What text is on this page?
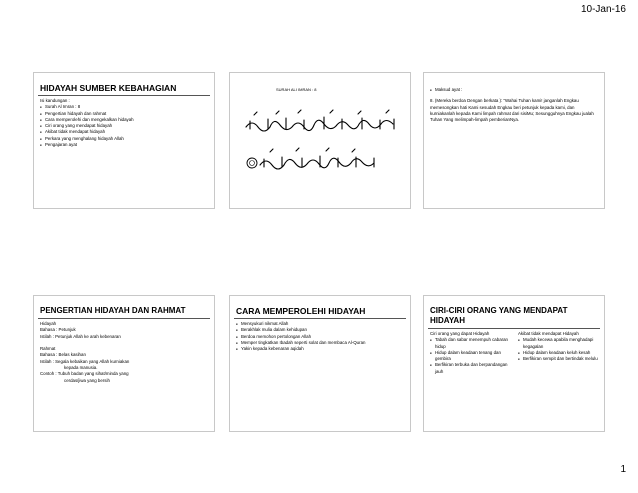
10-Jan-16

HIDAYAH SUMBER KEBAHAGIAN

Isi kandungan :
■ Surah Al Imran : 8
■ Pengertian hidayah dan rahmat
■ Cara memperolehi dan mengekalkan hidayah
■ Ciri orang yang mendapat hidayah
■ Akibat tidak mendapat hidayah
■ Perkara yang menghalang hidayah Allah
■ Pengajaran ayat
SURAH ALI IMRAN : 8
■	Maksud ayat :
8. (Mereka berdoa Dengan berkata ): "Wahai Tuhan kami! janganlah Engkau memesongkan hati Kami sesudah Engkau beri petunjuk kepada kami, dan kurniakanlah kepada Kami limpah rahmat dari sisiMu; Sesungguhnya Engkau jualah Tuhan Yang melimpah-limpah pemberianNya.

PENGERTIAN HIDAYAH DAN RAHMAT

Hidayah
Bahasa : Petunjuk
Istilah : Petunjuk Allah ke arah kebenaran

Rahmat
Bahasa : Belas kasihan
Istilah : Segala kebaikan yang Allah kurniakan
kepada manusia.
Contoh : Tubuh badan yang sihat/minda yang
cerdas/jiwa yang bersih

CARA MEMPEROLEHI HIDAYAH

■ Mensyukuri nikmat Allah
■ Berakhlak mulia dalam kehidupan
■ Berdoa memohon pertolongan Allah
■ Memper tingkatkan Ibadah seperti solat dan membaca Al-Quran
■ Yakin kepada kebenaran aqidah

CIRI-CIRI ORANG YANG MENDAPAT HIDAYAH

Ciri orang yang dapat Hidayah
■ Tabah dan sabar menempuh cabaran hidup
■ Hidup dalam keadaan tenang dan gembira
■ Berfikiran terbuka dan berpandangan jauh
Akibat tidak mendapat Hidayah
■ Mudah kecewa apabila menghadapi kegagalan
■ Hidup dalam keadaan keluh kesah
■ Berfikiran sempit dan bertindak melulu
1
